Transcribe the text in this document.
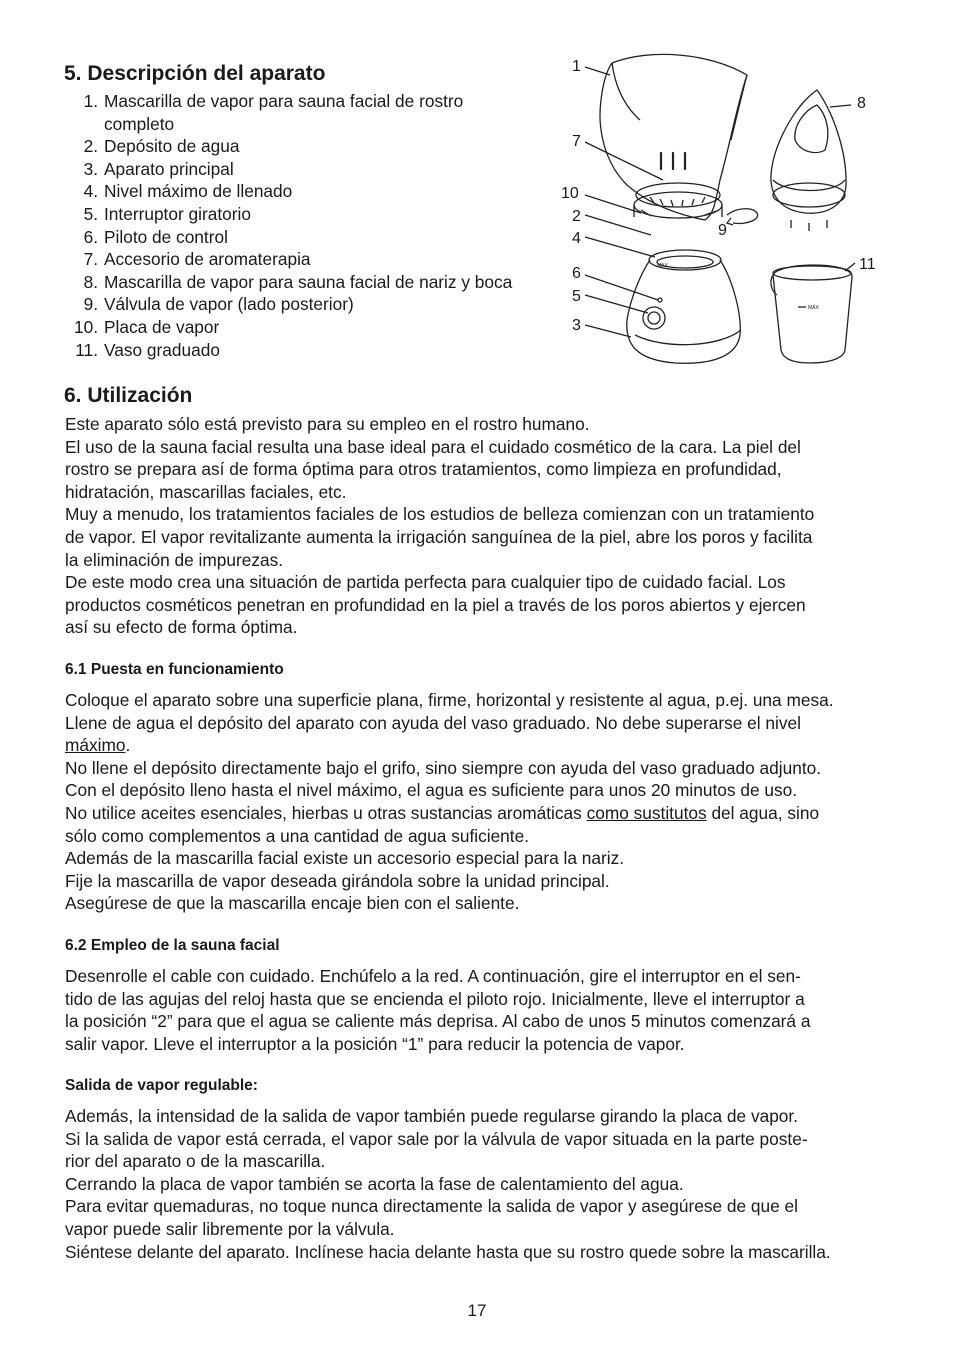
5. Descripción del aparato
1. Mascarilla de vapor para sauna facial de rostro
completo
2. Depósito de agua
3. Aparato principal
4. Nivel máximo de llenado
5. Interruptor giratorio
6. Piloto de control
7. Accesorio de aromaterapia
8. Mascarilla de vapor para sauna facial de nariz y boca
9. Válvula de vapor (lado posterior)
10. Placa de vapor
11. Vaso graduado
MAX
MAX
1
7
10
2
4
6
5
3
8
9
11
6. Utilización
Este aparato sólo está previsto para su empleo en el rostro humano.
El uso de la sauna facial resulta una base ideal para el cuidado cosmético de la cara. La piel del
rostro se prepara así de forma óptima para otros tratamientos, como limpieza en profundidad,
hidratación, mascarillas faciales, etc.
Muy a menudo, los tratamientos faciales de los estudios de belleza comienzan con un tratamiento
de vapor. El vapor revitalizante aumenta la irrigación sanguínea de la piel, abre los poros y facilita
la eliminación de impurezas.
De este modo crea una situación de partida perfecta para cualquier tipo de cuidado facial. Los
productos cosméticos penetran en profundidad en la piel a través de los poros abiertos y ejercen
así su efecto de forma óptima.
6.1 Puesta en funcionamiento
Coloque el aparato sobre una superficie plana, firme, horizontal y resistente al agua, p.ej. una mesa.
Llene de agua el depósito del aparato con ayuda del vaso graduado. No debe superarse el nivel
máximo.
No llene el depósito directamente bajo el grifo, sino siempre con ayuda del vaso graduado adjunto.
Con el depósito lleno hasta el nivel máximo, el agua es suficiente para unos 20 minutos de uso.
No utilice aceites esenciales, hierbas u otras sustancias aromáticas como sustitutos del agua, sino
sólo como complementos a una cantidad de agua suficiente.
Además de la mascarilla facial existe un accesorio especial para la nariz.
Fije la mascarilla de vapor deseada girándola sobre la unidad principal.
Asegúrese de que la mascarilla encaje bien con el saliente.
6.2 Empleo de la sauna facial
Desenrolle el cable con cuidado. Enchúfelo a la red. A continuación, gire el interruptor en el sen-
tido de las agujas del reloj hasta que se encienda el piloto rojo. Inicialmente, lleve el interruptor a
la posición “2” para que el agua se caliente más deprisa. Al cabo de unos 5 minutos comenzará a
salir vapor. Lleve el interruptor a la posición “1” para reducir la potencia de vapor.
Salida de vapor regulable:
Además, la intensidad de la salida de vapor también puede regularse girando la placa de vapor.
Si la salida de vapor está cerrada, el vapor sale por la válvula de vapor situada en la parte poste-
rior del aparato o de la mascarilla.
Cerrando la placa de vapor también se acorta la fase de calentamiento del agua.
Para evitar quemaduras, no toque nunca directamente la salida de vapor y asegúrese de que el
vapor puede salir libremente por la válvula.
Siéntese delante del aparato. Inclínese hacia delante hasta que su rostro quede sobre la mascarilla.
17
